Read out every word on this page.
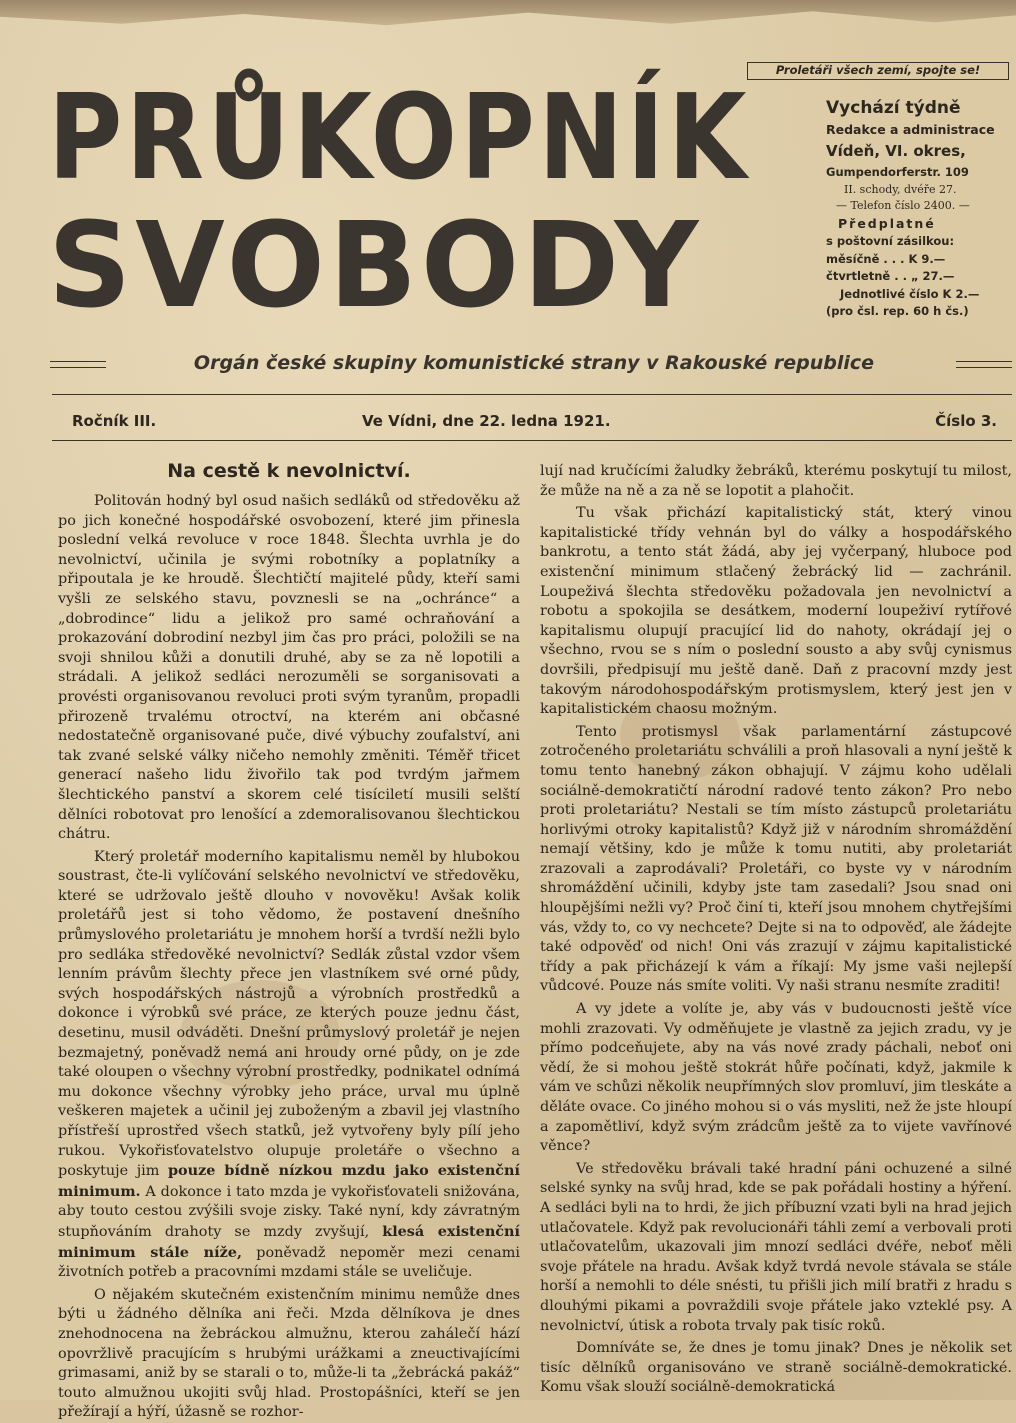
Proletáři všech zemí, spojte se!
PRŮKOPNÍK
SVOBODY
Vychází týdně
Redakce a administrace
Vídeň, VI. okres,
Gumpendorferstr. 109
II. schody, dvéře 27.
— Telefon číslo 2400. —
Předplatné
s poštovní zásilkou:
měsíčně . . . K 9.—
čtvrtletně . . „ 27.—
Jednotlivé číslo K 2.—
(pro čsl. rep. 60 h čs.)
Orgán české skupiny komunistické strany v Rakouské republice
Ročník III.	Ve Vídni, dne 22. ledna 1921.	Číslo 3.
Na cestě k nevolnictví.

Politován hodný byl osud našich sedláků od středověku až po jich konečné hospodářské osvobození, které jim přinesla poslední velká revoluce v roce 1848. Šlechta uvrhla je do nevolnictví, učinila je svými robotníky a poplatníky a připoutala je ke hroudě. Šlechtičtí majitelé půdy, kteří sami vyšli ze selského stavu, povznesli se na „ochránce“ a „dobrodince“ lidu a jelikož pro samé ochraňování a prokazování dobrodiní nezbyl jim čas pro práci, položili se na svoji shnilou kůži a donutili druhé, aby se za ně lopotili a strádali. A jelikož sedláci nerozuměli se sorganisovati a provésti organisovanou revoluci proti svým tyranům, propadli přirozeně trvalému otroctví, na kterém ani občasné nedostatečně organisované puče, divé výbuchy zoufalství, ani tak zvané selské války ničeho nemohly změniti. Téměř třicet generací našeho lidu živořilo tak pod tvrdým jařmem šlechtického panství a skorem celé tisíciletí musili selští dělníci robotovat pro lenošící a zdemoralisovanou šlechtickou chátru.

Který proletář moderního kapitalismu neměl by hlubokou soustrast, čte-li vylíčování selského nevolnictví ve středověku, které se udržovalo ještě dlouho v novověku! Avšak kolik proletářů jest si toho vědomo, že postavení dnešního průmyslového proletariátu je mnohem horší a tvrdší nežli bylo pro sedláka středověké nevolnictví? Sedlák zůstal vzdor všem lenním právům šlechty přece jen vlastníkem své orné půdy, svých hospodářských nástrojů a výrobních prostředků a dokonce i výrobků své práce, ze kterých pouze jednu část, desetinu, musil odváděti. Dnešní průmyslový proletář je nejen bezmajetný, poněvadž nemá ani hroudy orné půdy, on je zde také oloupen o všechny výrobní prostředky, podnikatel odnímá mu dokonce všechny výrobky jeho práce, urval mu úplně veškeren majetek a učinil jej zuboženým a zbavil jej vlastního přístřeší uprostřed všech statků, jež vytvořeny byly pílí jeho rukou. Vykořisťovatelstvo olupuje proletáře o všechno a poskytuje jim pouze bídně nízkou mzdu jako existenční minimum. A dokonce i tato mzda je vykořisťovateli snižována, aby touto cestou zvýšili svoje zisky. Také nyní, kdy závratným stupňováním drahoty se mzdy zvyšují, klesá existenční minimum stále níže, poněvadž nepoměr mezi cenami životních potřeb a pracovními mzdami stále se uveličuje.

O nějakém skutečném existenčním minimu nemůže dnes býti u žádného dělníka ani řeči. Mzda dělníkova je dnes znehodnocena na žebráckou almužnu, kterou zahálečí hází opovržlivě pracujícím s hrubými urážkami a zneuctivajícími grimasami, aniž by se starali o to, může-li ta „žebrácká pakáž“ touto almužnou ukojiti svůj hlad. Prostopášníci, kteří se jen přežírají a hýří, úžasně se rozhor-

lují nad kručícími žaludky žebráků, kterému poskytují tu milost, že může na ně a za ně se lopotit a plahočit.

Tu však přichází kapitalistický stát, který vinou kapitalistické třídy vehnán byl do války a hospodářského bankrotu, a tento stát žádá, aby jej vyčerpaný, hluboce pod existenční minimum stlačený žebrácký lid — zachránil. Loupeživá šlechta středověku požadovala jen nevolnictví a robotu a spokojila se desátkem, moderní loupeživí rytířové kapitalismu olupují pracující lid do nahoty, okrádají jej o všechno, rvou se s ním o poslední sousto a aby svůj cynismus dovršili, předpisují mu ještě daně. Daň z pracovní mzdy jest takovým národohospodářským protismyslem, který jest jen v kapitalistickém chaosu možným.

Tento protismysl však parlamentární zástupcové zotročeného proletariátu schválili a proň hlasovali a nyní ještě k tomu tento hanebný zákon obhajují. V zájmu koho udělali sociálně-demokratičtí národní radové tento zákon? Pro nebo proti proletariátu? Nestali se tím místo zástupců proletariátu horlivými otroky kapitalistů? Když již v národním shromáždění nemají většiny, kdo je může k tomu nutiti, aby proletariát zrazovali a zaprodávali? Proletáři, co byste vy v národním shromáždění učinili, kdyby jste tam zasedali? Jsou snad oni hloupějšími nežli vy? Proč činí ti, kteří jsou mnohem chytřejšími vás, vždy to, co vy nechcete? Dejte si na to odpověď, ale žádejte také odpověď od nich! Oni vás zrazují v zájmu kapitalistické třídy a pak přicházejí k vám a říkají: My jsme vaši nejlepší vůdcové. Pouze nás smíte voliti. Vy naši stranu nesmíte zraditi!

A vy jdete a volíte je, aby vás v budoucnosti ještě více mohli zrazovati. Vy odměňujete je vlastně za jejich zradu, vy je přímo podceňujete, aby na vás nové zrady páchali, neboť oni vědí, že si mohou ještě stokrát hůře počínati, když, jakmile k vám ve schůzi několik neupřímných slov promluví, jim tleskáte a děláte ovace. Co jiného mohou si o vás mysliti, než že jste hloupí a zapomětliví, když svým zrádcům ještě za to vijete vavřínové věnce?

Ve středověku brávali také hradní páni ochuzené a silné selské synky na svůj hrad, kde se pak pořádali hostiny a hýření. A sedláci byli na to hrdi, že jich příbuzní vzati byli na hrad jejich utlačovatele. Když pak revolucionáři táhli zemí a verbovali proti utlačovatelům, ukazovali jim mnozí sedláci dvéře, neboť měli svoje přátele na hradu. Avšak když tvrdá nevole stávala se stále horší a nemohli to déle snésti, tu přišli jich milí bratři z hradu s dlouhými pikami a povraždili svoje přátele jako vzteklé psy. A nevolnictví, útisk a robota trvaly pak tisíc roků.

Domníváte se, že dnes je tomu jinak? Dnes je několik set tisíc dělníků organisováno ve straně sociálně-demokratické. Komu však slouží sociálně-demokratická
